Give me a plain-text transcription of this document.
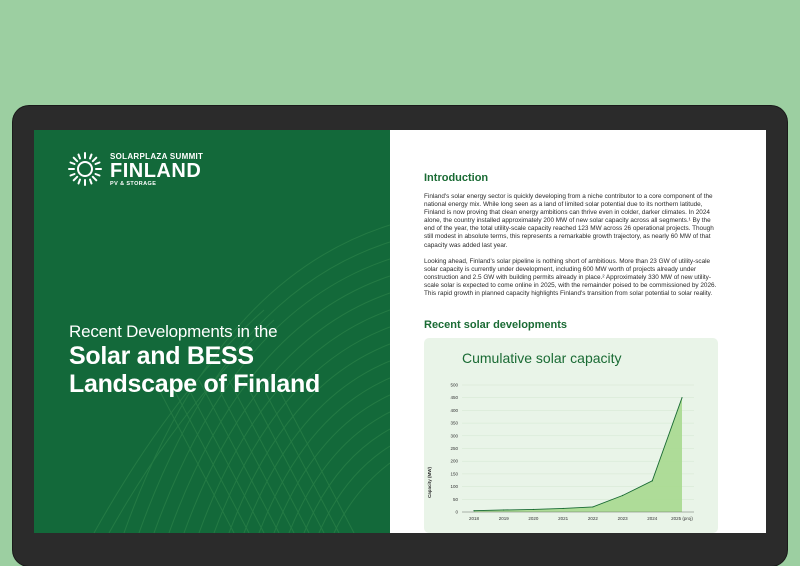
SOLARPLAZA SUMMIT
FINLAND
PV & STORAGE
Recent Developments in the
Solar and BESS
Landscape of Finland
Introduction

Finland's solar energy sector is quickly developing from a niche contributor to a core component of the national energy mix. While long seen as a land of limited solar potential due to its northern latitude, Finland is now proving that clean energy ambitions can thrive even in colder, darker climates. In 2024 alone, the country installed approximately 200 MW of new solar capacity across all segments.¹ By the end of the year, the total utility-scale capacity reached 123 MW across 26 operational projects. Though still modest in absolute terms, this represents a remarkable growth trajectory, as nearly 60 MW of that capacity was added last year.

Looking ahead, Finland's solar pipeline is nothing short of ambitious. More than 23 GW of utility-scale solar capacity is currently under development, including 600 MW worth of projects already under construction and 2.5 GW with building permits already in place.² Approximately 330 MW of new utility-scale solar is expected to come online in 2025, with the remainder poised to be commissioned by 2026. This rapid growth in planned capacity highlights Finland's transition from solar potential to solar reality.

Recent solar developments
Cumulative solar capacity
Capacity (MW)
0
50
100
150
200
250
300
350
400
450
500
2018	2019	2020	2021	2022	2023	2024	2025 (proj)
